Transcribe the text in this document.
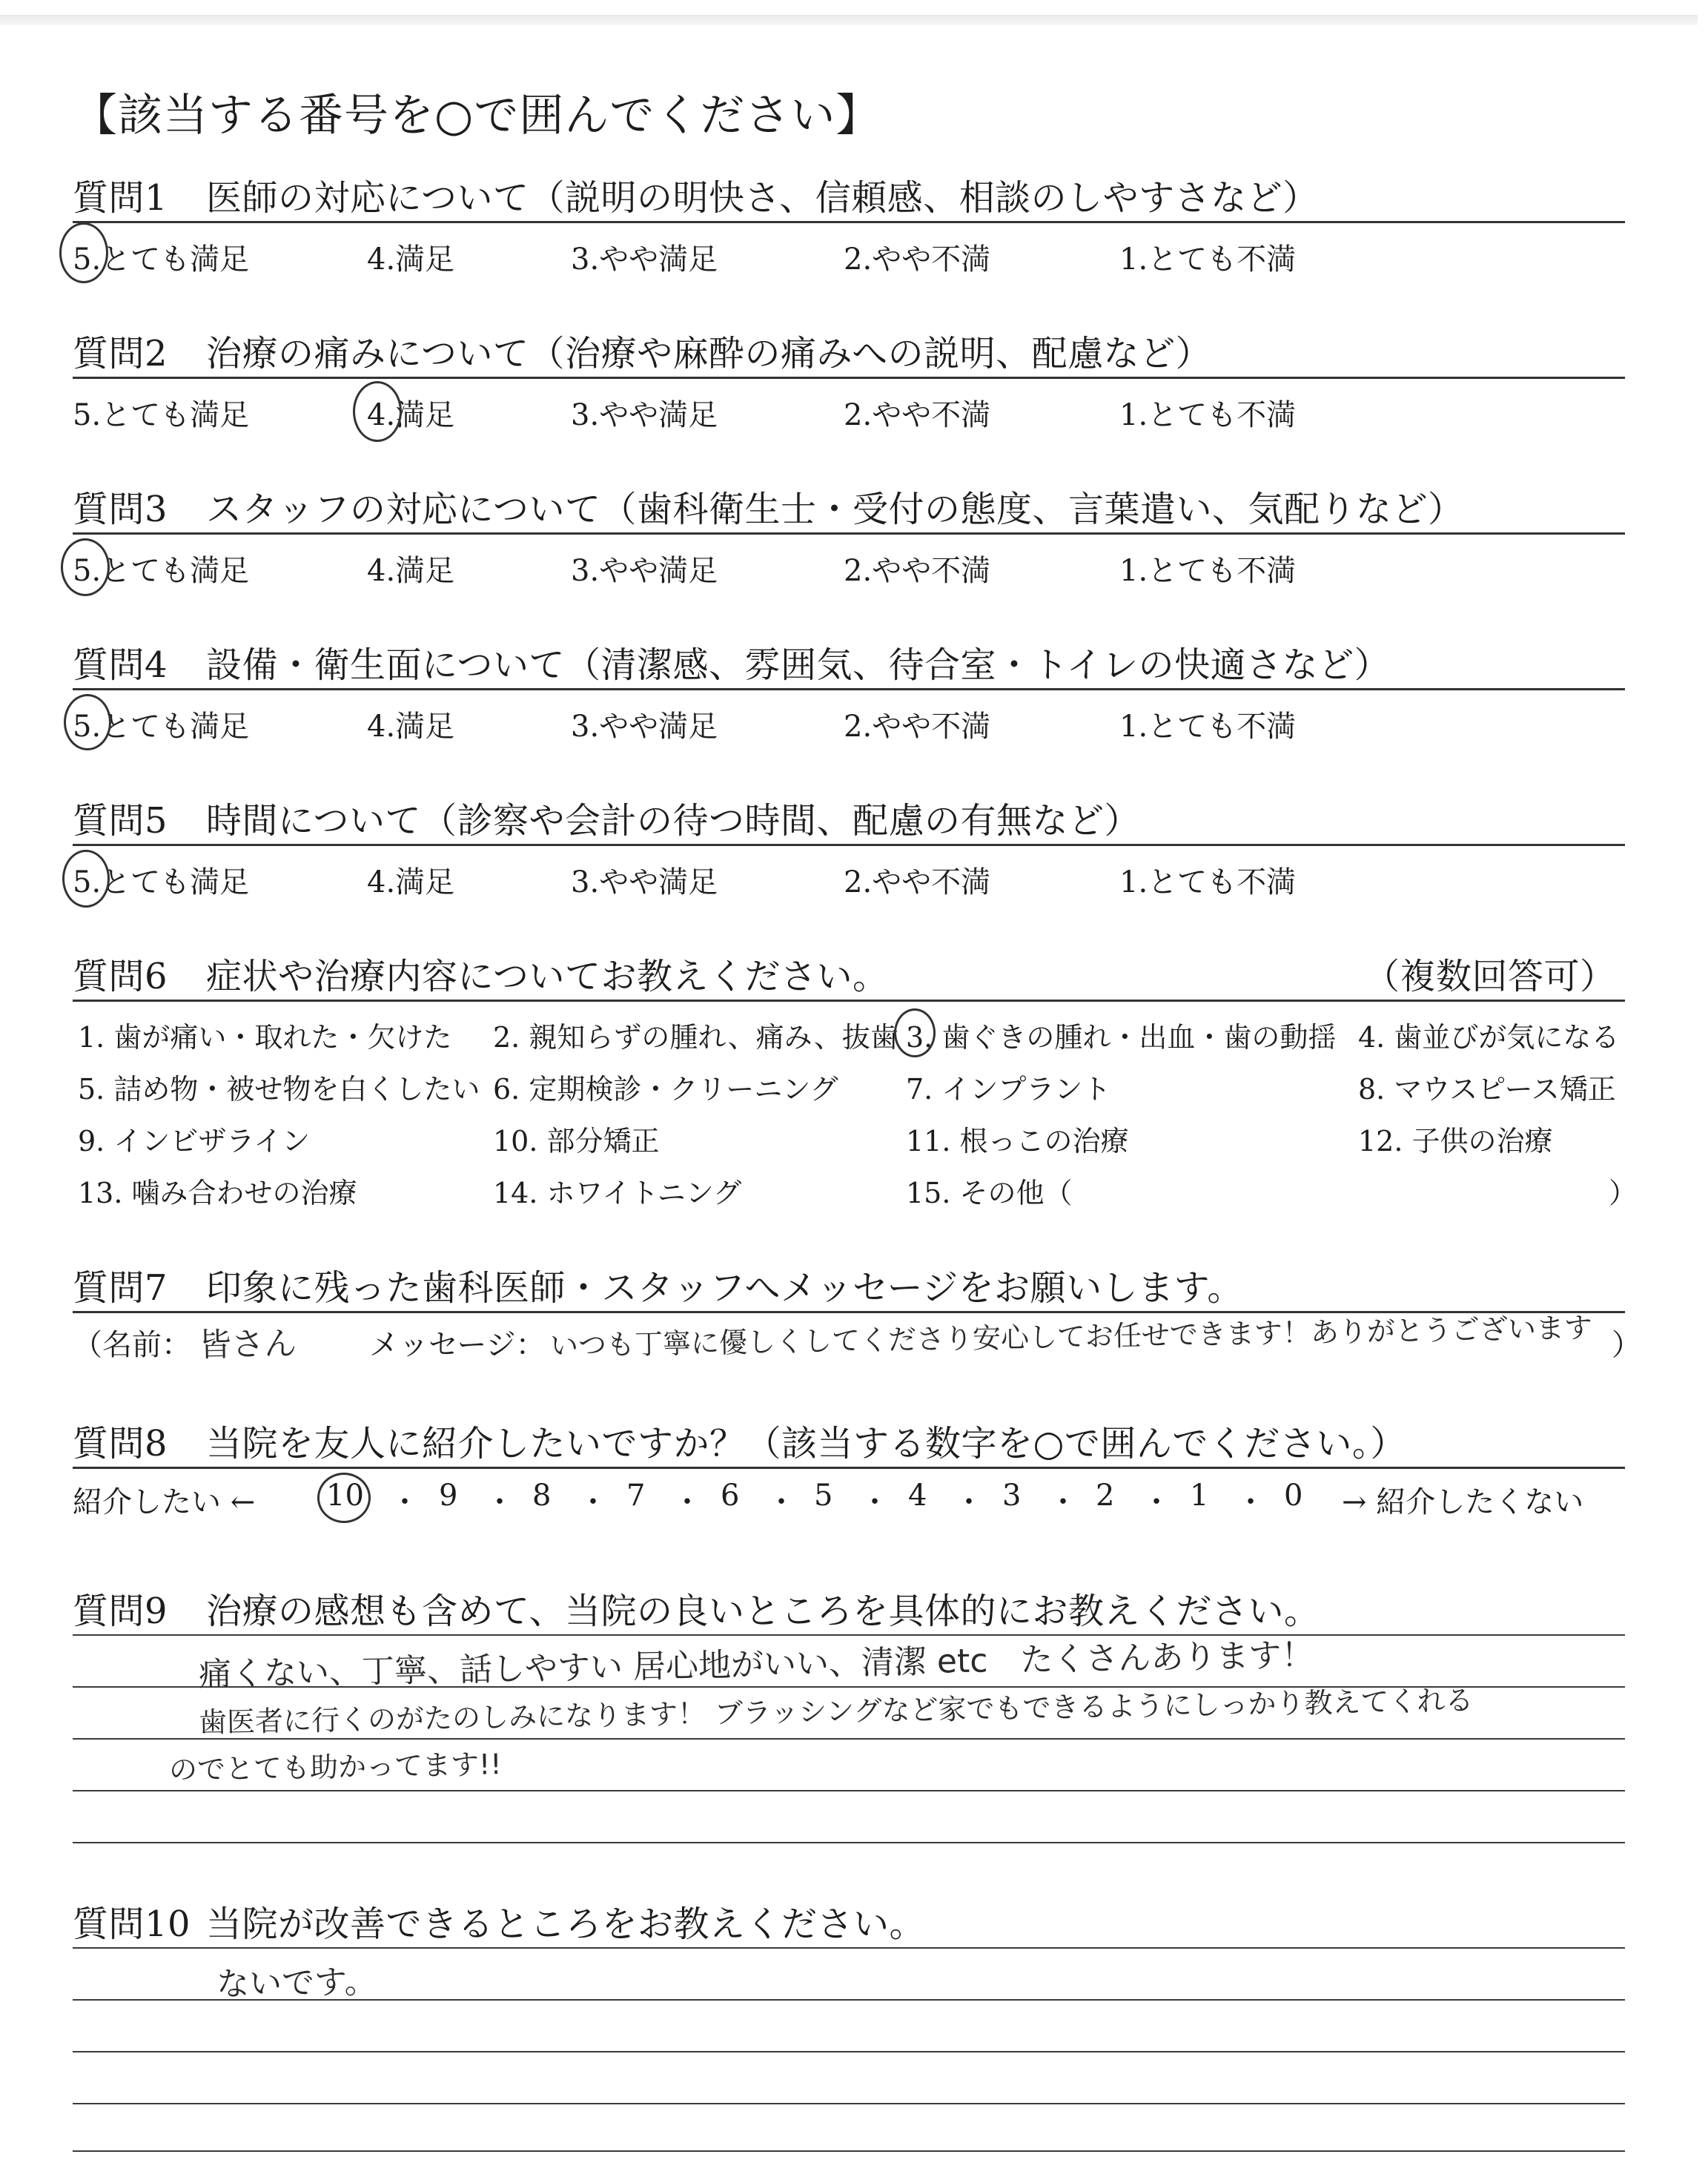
【該当する番号を○で囲んでください】
質問1 医師の対応について（説明の明快さ、信頼感、相談のしやすさなど）
5.とても満足	4.満足	3.やや満足	2.やや不満	1.とても不満
質問2 治療の痛みについて（治療や麻酔の痛みへの説明、配慮など）
5.とても満足	4.満足	3.やや満足	2.やや不満	1.とても不満
質問3 スタッフの対応について（歯科衛生士・受付の態度、言葉遣い、気配りなど）
5.とても満足	4.満足	3.やや満足	2.やや不満	1.とても不満
質問4 設備・衛生面について（清潔感、雰囲気、待合室・トイレの快適さなど）
5.とても満足	4.満足	3.やや満足	2.やや不満	1.とても不満
質問5 時間について（診察や会計の待つ時間、配慮の有無など）
5.とても満足	4.満足	3.やや満足	2.やや不満	1.とても不満
質問6 症状や治療内容についてお教えください。	（複数回答可）
1. 歯が痛い・取れた・欠けた 2. 親知らずの腫れ、痛み、抜歯 3. 歯ぐきの腫れ・出血・歯の動揺 4. 歯並びが気になる
5. 詰め物・被せ物を白くしたい 6. 定期検診・クリーニング 7. インプラント	8. マウスピース矯正
9. インビザライン	10. 部分矯正	11. 根っこの治療	12. 子供の治療
13. 噛み合わせの治療	14. ホワイトニング	15. その他（	）
質問7 印象に残った歯科医師・スタッフへメッセージをお願いします。
（名前： 皆さん メッセージ： いつも丁寧に優しくしてくださり安心してお任せできます！ありがとうございます ）
質問8 当院を友人に紹介したいですか？（該当する数字を○で囲んでください。）
紹介したい ← 10 ・ 9 ・ 8 ・ 7 ・ 6 ・ 5 ・ 4 ・ 3 ・ 2 ・ 1 ・ 0 → 紹介したくない
質問9 治療の感想も含めて、当院の良いところを具体的にお教えください。
痛くない、丁寧、話しやすい 居心地がいい、清潔 etc　たくさんあります！
歯医者に行くのがたのしみになります！ ブラッシングなど家でもできるようにしっかり教えてくれる
のでとても助かってます!!
質問10 当院が改善できるところをお教えください。
ないです。
